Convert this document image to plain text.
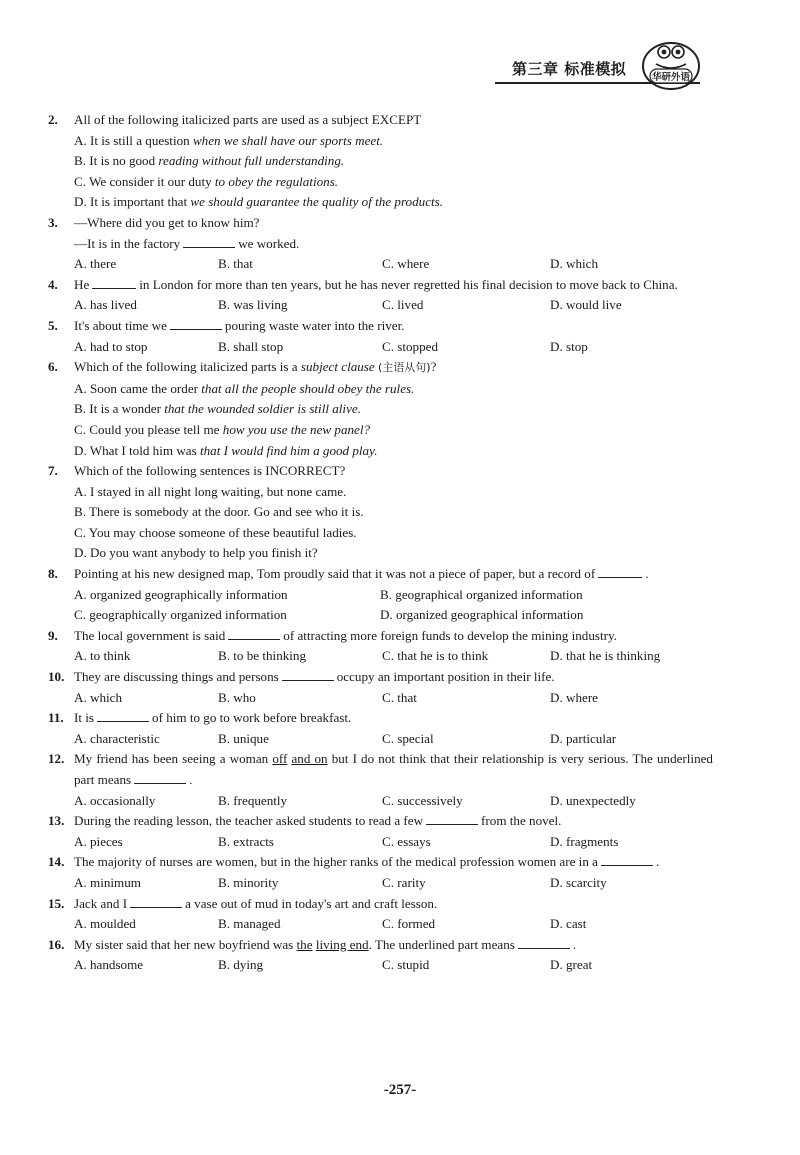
第三章 标准模拟	华研外语
2.	All of the following italicized parts are used as a subject EXCEPT
A. It is still a question when we shall have our sports meet.
B. It is no good reading without full understanding.
C. We consider it our duty to obey the regulations.
D. It is important that we should guarantee the quality of the products.
3.	—Where did you get to know him?
—It is in the factory	we worked.
A. there	B. that	C. where	D. which
4.	He	in London for more than ten years, but he has never regretted his final decision to move back to China.
A. has lived	B. was living	C. lived	D. would live
5.	It's about time we	pouring waste water into the river.
A. had to stop	B. shall stop	C. stopped	D. stop
6.	Which of the following italicized parts is a subject clause (主语从句)?
A. Soon came the order that all the people should obey the rules.
B. It is a wonder that the wounded soldier is still alive.
C. Could you please tell me how you use the new panel?
D. What I told him was that I would find him a good play.
7.	Which of the following sentences is INCORRECT?
A. I stayed in all night long waiting, but none came.
B. There is somebody at the door. Go and see who it is.
C. You may choose someone of these beautiful ladies.
D. Do you want anybody to help you finish it?
8.	Pointing at his new designed map, Tom proudly said that it was not a piece of paper, but a record of	.
A. organized geographically information	B. geographical organized information
C. geographically organized information	D. organized geographical information
9.	The local government is said	of attracting more foreign funds to develop the mining industry.
A. to think	B. to be thinking	C. that he is to think	D. that he is thinking
10. They are discussing things and persons	occupy an important position in their life.
A. which	B. who	C. that	D. where
11. It is	of him to go to work before breakfast.
A. characteristic	B. unique	C. special	D. particular
12. My friend has been seeing a woman off and on but I do not think that their relationship is very serious. The underlined part means	.
A. occasionally	B. frequently	C. successively	D. unexpectedly
13. During the reading lesson, the teacher asked students to read a few	from the novel.
A. pieces	B. extracts	C. essays	D. fragments
14. The majority of nurses are women, but in the higher ranks of the medical profession women are in a	.
A. minimum	B. minority	C. rarity	D. scarcity
15. Jack and I	a vase out of mud in today's art and craft lesson.
A. moulded	B. managed	C. formed	D. cast
16. My sister said that her new boyfriend was the living end. The underlined part means	.
A. handsome	B. dying	C. stupid	D. great
-257-
